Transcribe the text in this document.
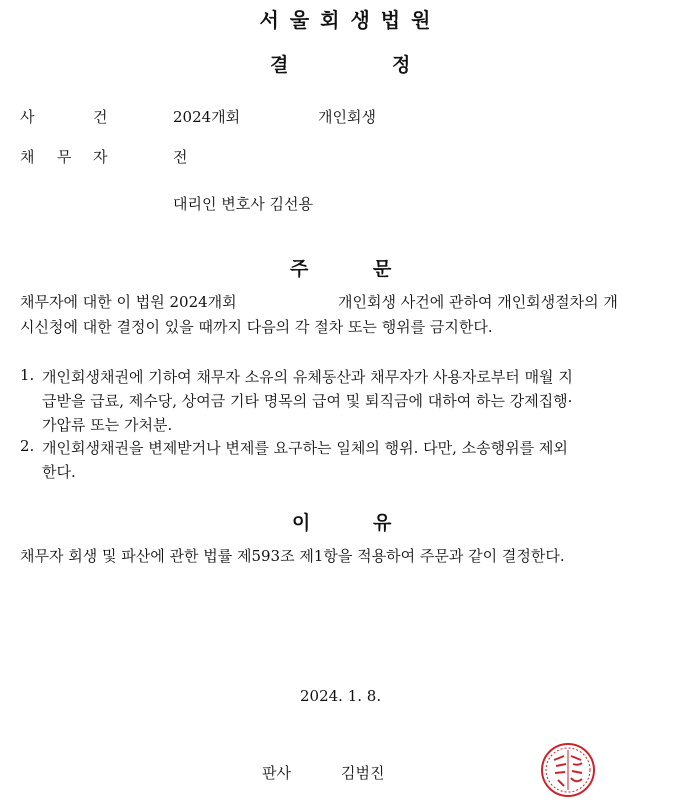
서울회생법원
결	정
사	건	2024개회	개인회생
채 무 자	전
대리인 변호사 김선용
주	문
채무자에 대한 이 법원 2024개회	개인회생 사건에 관하여 개인회생절차의 개
시신청에 대한 결정이 있을 때까지 다음의 각 절차 또는 행위를 금지한다.
1. 개인회생채권에 기하여 채무자 소유의 유체동산과 채무자가 사용자로부터 매월 지
급받을 급료, 제수당, 상여금 기타 명목의 급여 및 퇴직금에 대하여 하는 강제집행·
가압류 또는 가처분.
2. 개인회생채권을 변제받거나 변제를 요구하는 일체의 행위. 다만, 소송행위를 제외
한다.
이	유
채무자 회생 및 파산에 관한 법률 제593조 제1항을 적용하여 주문과 같이 결정한다.
2024. 1. 8.
판사	김범진
